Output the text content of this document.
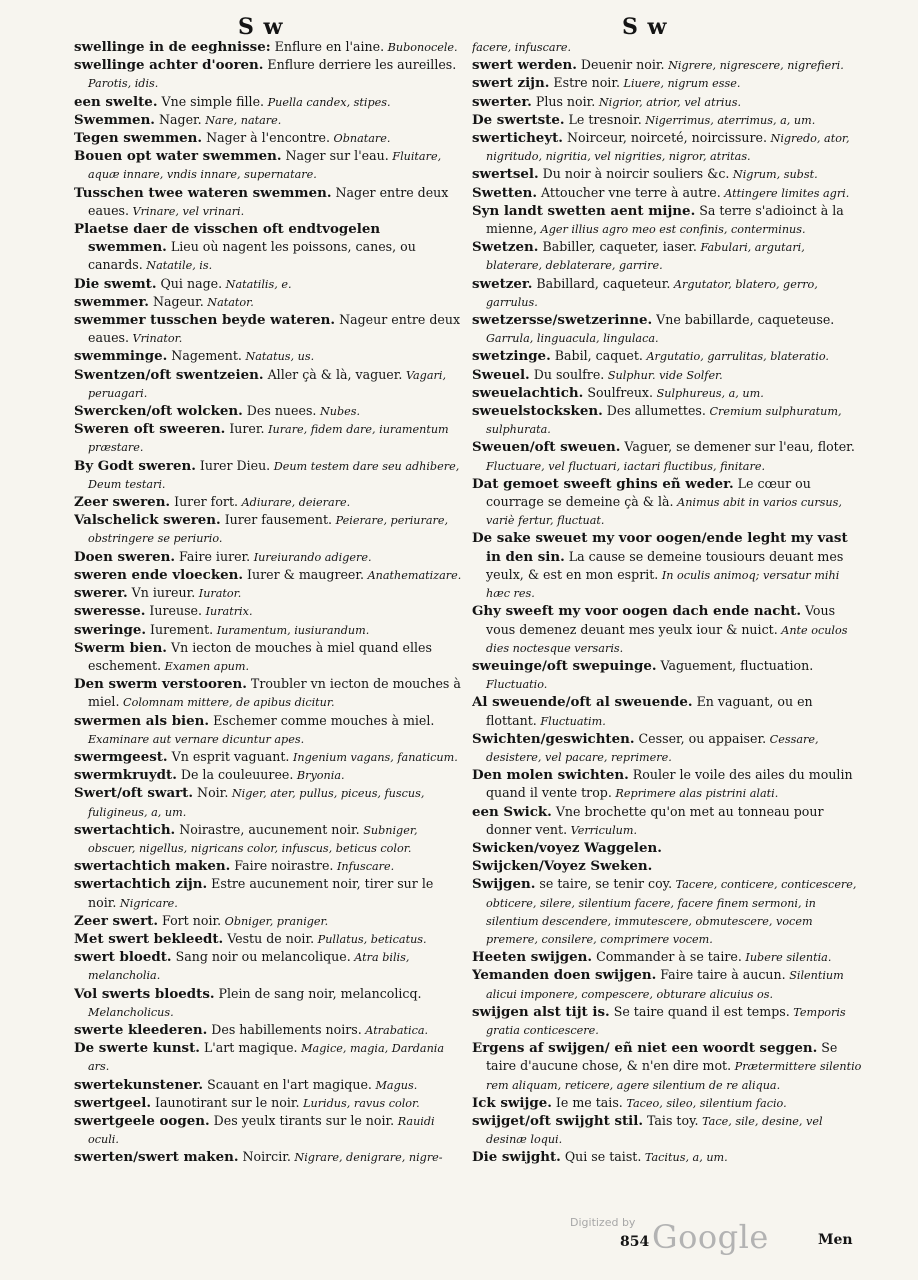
S w	S w

swellinge in de eeghnisse: Enflure en l'aine. Bubonocele.

swellinge achter d'ooren. Enflure derriere les aureilles. Parotis, idis.

een swelte. Vne simple fille. Puella candex, stipes.

Swemmen. Nager. Nare, natare.

Tegen swemmen. Nager à l'encontre. Obnatare.

Bouen opt water swemmen. Nager sur l'eau. Fluitare, aquæ innare, vndis innare, supernatare.

Tusschen twee wateren swemmen. Nager entre deux eaues. Vrinare, vel vrinari.

Plaetse daer de visschen oft endtvogelen swemmen. Lieu où nagent les poissons, canes, ou canards. Natatile, is.

Die swemt. Qui nage. Natatilis, e.

swemmer. Nageur. Natator.

swemmer tusschen beyde wateren. Nageur entre deux eaues. Vrinator.

swemminge. Nagement. Natatus, us.

Swentzen/oft swentzeien. Aller çà & là, vaguer. Vagari, peruagari.

Swercken/oft wolcken. Des nuees. Nubes.

Sweren oft sweeren. Iurer. Iurare, fidem dare, iuramentum præstare.

By Godt sweren. Iurer Dieu. Deum testem dare seu adhibere, Deum testari.

Zeer sweren. Iurer fort. Adiurare, deierare.

Valschelick sweren. Iurer fausement. Peierare, periurare, obstringere se periurio.

Doen sweren. Faire iurer. Iureiurando adigere.

sweren ende vloecken. Iurer & maugreer. Anathematizare.

swerer. Vn iureur. Iurator.

sweresse. Iureuse. Iuratrix.

sweringe. Iurement. Iuramentum, iusiurandum.

Swerm bien. Vn iecton de mouches à miel quand elles eschement. Examen apum.

Den swerm verstooren. Troubler vn iecton de mouches à miel. Colomnam mittere, de apibus dicitur.

swermen als bien. Eschemer comme mouches à miel. Examinare aut vernare dicuntur apes.

swermgeest. Vn esprit vaguant. Ingenium vagans, fanaticum.

swermkruydt. De la couleuuree. Bryonia.

Swert/oft swart. Noir. Niger, ater, pullus, piceus, fuscus, fuligineus, a, um.

swertachtich. Noirastre, aucunement noir. Subniger, obscuer, nigellus, nigricans color, infuscus, beticus color.

swertachtich maken. Faire noirastre. Infuscare.

swertachtich zijn. Estre aucunement noir, tirer sur le noir. Nigricare.

Zeer swert. Fort noir. Obniger, praniger.

Met swert bekleedt. Vestu de noir. Pullatus, beticatus.

swert bloedt. Sang noir ou melancolique. Atra bilis, melancholia.

Vol swerts bloedts. Plein de sang noir, melancolicq. Melancholicus.

swerte kleederen. Des habillements noirs. Atrabatica.

De swerte kunst. L'art magique. Magice, magia, Dardania ars.

swertekunstener. Scauant en l'art magique. Magus.

swertgeel. Iaunotirant sur le noir. Luridus, ravus color.

swertgeele oogen. Des yeulx tirants sur le noir. Rauidi oculi.

swerten/swert maken. Noircir. Nigrare, denigrare, nigre-

facere, infuscare.

swert werden. Deuenir noir. Nigrere, nigrescere, nigrefieri.

swert zijn. Estre noir. Liuere, nigrum esse.

swerter. Plus noir. Nigrior, atrior, vel atrius.

De swertste. Le tresnoir. Nigerrimus, aterrimus, a, um.

swerticheyt. Noirceur, noirceté, noircissure. Nigredo, ator, nigritudo, nigritia, vel nigrities, nigror, atritas.

swertsel. Du noir à noircir souliers &c. Nigrum, subst.

Swetten. Attoucher vne terre à autre. Attingere limites agri.

Syn landt swetten aent mijne. Sa terre s'adioinct à la mienne, Ager illius agro meo est confinis, conterminus.

Swetzen. Babiller, caqueter, iaser. Fabulari, argutari, blaterare, deblaterare, garrire.

swetzer. Babillard, caqueteur. Argutator, blatero, gerro, garrulus.

swetzersse/swetzerinne. Vne babillarde, caqueteuse. Garrula, linguacula, lingulaca.

swetzinge. Babil, caquet. Argutatio, garrulitas, blateratio.

Sweuel. Du soulfre. Sulphur. vide Solfer.

sweuelachtich. Soulfreux. Sulphureus, a, um.

sweuelstocksken. Des allumettes. Cremium sulphuratum, sulphurata.

Sweuen/oft sweuen. Vaguer, se demener sur l'eau, floter. Fluctuare, vel fluctuari, iactari fluctibus, finitare.

Dat gemoet sweeft ghins eñ weder. Le cœur ou courrage se demeine çà & là. Animus abit in varios cursus, variè fertur, fluctuat.

De sake sweuet my voor oogen/ende leght my vast in den sin. La cause se demeine tousiours deuant mes yeulx, & est en mon esprit. In oculis animoq; versatur mihi hæc res.

Ghy sweeft my voor oogen dach ende nacht. Vous vous demenez deuant mes yeulx iour & nuict. Ante oculos dies noctesque versaris.

sweuinge/oft swepuinge. Vaguement, fluctuation. Fluctuatio.

Al sweuende/oft al sweuende. En vaguant, ou en flottant. Fluctuatim.

Swichten/geswichten. Cesser, ou appaiser. Cessare, desistere, vel pacare, reprimere.

Den molen swichten. Rouler le voile des ailes du moulin quand il vente trop. Reprimere alas pistrini alati.

een Swick. Vne brochette qu'on met au tonneau pour donner vent. Verriculum.

Swicken/voyez Waggelen.

Swijcken/Voyez Sweken.

Swijgen. se taire, se tenir coy. Tacere, conticere, conticescere, obticere, silere, silentium facere, facere finem sermoni, in silentium descendere, immutescere, obmutescere, vocem premere, consilere, comprimere vocem.

Heeten swijgen. Commander à se taire. Iubere silentia.

Yemanden doen swijgen. Faire taire à aucun. Silentium alicui imponere, compescere, obturare alicuius os.

swijgen alst tijt is. Se taire quand il est temps. Temporis gratia conticescere.

Ergens af swijgen/ eñ niet een woordt seggen. Se taire d'aucune chose, & n'en dire mot. Prætermittere silentio rem aliquam, reticere, agere silentium de re aliqua.

Ick swijge. Ie me tais. Taceo, sileo, silentium facio.

swijget/oft swijght stil. Tais toy. Tace, sile, desine, vel desinæ loqui.

Die swijght. Qui se taist. Tacitus, a, um.

Digitized by Google
854	Men
